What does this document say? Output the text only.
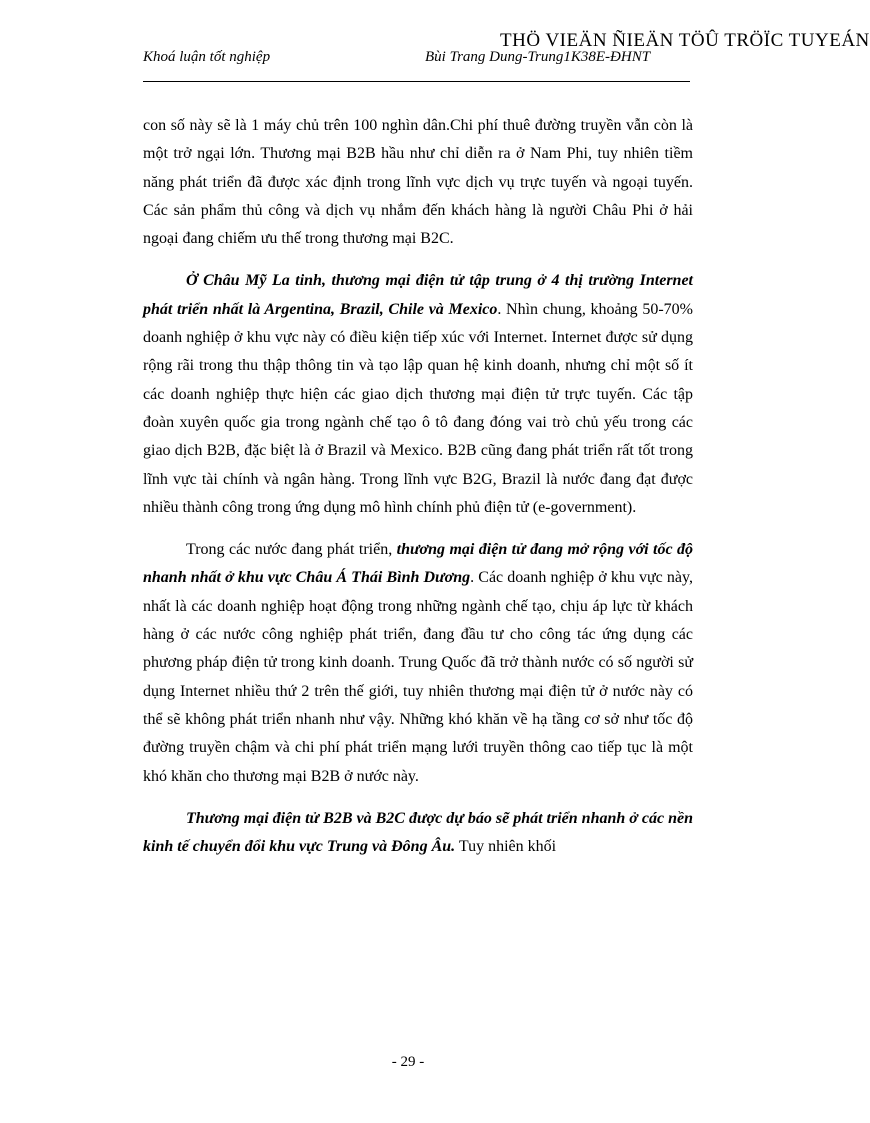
THÖ VIEÄN ÑIEÄN TÖÛ TRÖÏC TUYEÁN
Khoá luận tốt nghiệp	Bùi Trang Dung-Trung1K38E-ĐHNT

con số này sẽ là 1 máy chủ trên 100 nghìn dân.Chi phí thuê đường truyền vẫn còn là một trở ngại lớn. Thương mại B2B hầu như chỉ diễn ra ở Nam Phi, tuy nhiên tiềm năng phát triển đã được xác định trong lĩnh vực dịch vụ trực tuyến và ngoại tuyến. Các sản phẩm thủ công và dịch vụ nhắm đến khách hàng là người Châu Phi ở hải ngoại đang chiếm ưu thế trong thương mại B2C.

Ở Châu Mỹ La tinh, thương mại điện tử tập trung ở 4 thị trường Internet phát triển nhất là Argentina, Brazil, Chile và Mexico. Nhìn chung, khoảng 50-70% doanh nghiệp ở khu vực này có điều kiện tiếp xúc với Internet. Internet được sử dụng rộng rãi trong thu thập thông tin và tạo lập quan hệ kinh doanh, nhưng chỉ một số ít các doanh nghiệp thực hiện các giao dịch thương mại điện tử trực tuyến. Các tập đoàn xuyên quốc gia trong ngành chế tạo ô tô đang đóng vai trò chủ yếu trong các giao dịch B2B, đặc biệt là ở Brazil và Mexico. B2B cũng đang phát triển rất tốt trong lĩnh vực tài chính và ngân hàng. Trong lĩnh vực B2G, Brazil là nước đang đạt được nhiều thành công trong ứng dụng mô hình chính phủ điện tử (e-government).

Trong các nước đang phát triển, thương mại điện tử đang mở rộng với tốc độ nhanh nhất ở khu vực Châu Á Thái Bình Dương. Các doanh nghiệp ở khu vực này, nhất là các doanh nghiệp hoạt động trong những ngành chế tạo, chịu áp lực từ khách hàng ở các nước công nghiệp phát triển, đang đầu tư cho công tác ứng dụng các phương pháp điện tử trong kinh doanh. Trung Quốc đã trở thành nước có số người sử dụng Internet nhiều thứ 2 trên thế giới, tuy nhiên thương mại điện tử ở nước này có thể sẽ không phát triển nhanh như vậy. Những khó khăn về hạ tầng cơ sở như tốc độ đường truyền chậm và chi phí phát triển mạng lưới truyền thông cao tiếp tục là một khó khăn cho thương mại B2B ở nước này.

Thương mại điện tử B2B và B2C được dự báo sẽ phát triển nhanh ở các nền kinh tế chuyển đổi khu vực Trung và Đông Âu. Tuy nhiên khối

- 29 -
